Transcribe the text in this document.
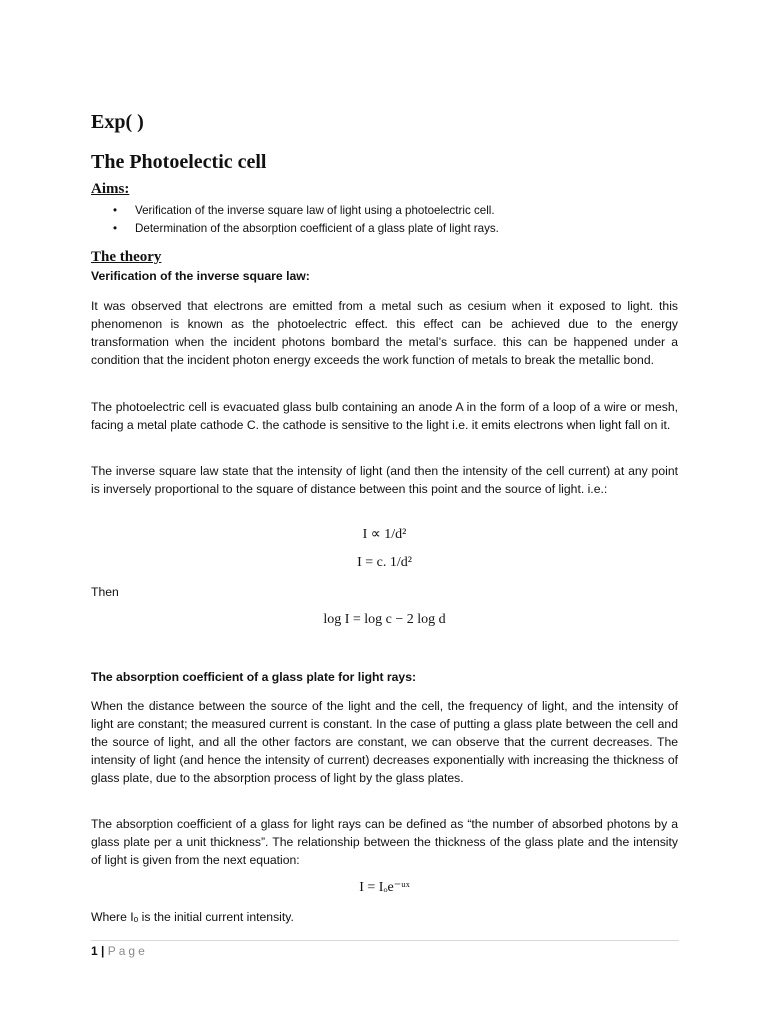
Exp( )
The Photoelectic cell
Aims:
• Verification of the inverse square law of light using a photoelectric cell.
• Determination of the absorption coefficient of a glass plate of light rays.
The theory
Verification of the inverse square law:

It was observed that electrons are emitted from a metal such as cesium when it exposed to light. this phenomenon is known as the photoelectric effect. this effect can be achieved due to the energy transformation when the incident photons bombard the metal’s surface. this can be happened under a condition that the incident photon energy exceeds the work function of metals to break the metallic bond.

The photoelectric cell is evacuated glass bulb containing an anode A in the form of a loop of a wire or mesh, facing a metal plate cathode C. the cathode is sensitive to the light i.e. it emits electrons when light fall on it.

The inverse square law state that the intensity of light (and then the intensity of the cell current) at any point is inversely proportional to the square of distance between this point and the source of light. i.e.:

I ∝ 1/d²
I = c. 1/d²
Then
log I = log c − 2 log d
The absorption coefficient of a glass plate for light rays:

When the distance between the source of the light and the cell, the frequency of light, and the intensity of light are constant; the measured current is constant. In the case of putting a glass plate between the cell and the source of light, and all the other factors are constant, we can observe that the current decreases. The intensity of light (and hence the intensity of current) decreases exponentially with increasing the thickness of glass plate, due to the absorption process of light by the glass plates.

The absorption coefficient of a glass for light rays can be defined as “the number of absorbed photons by a glass plate per a unit thickness”. The relationship between the thickness of the glass plate and the intensity of light is given from the next equation:

I = Iₒe⁻ᵘˣ

Where Iₒ is the initial current intensity.

1 | Page
